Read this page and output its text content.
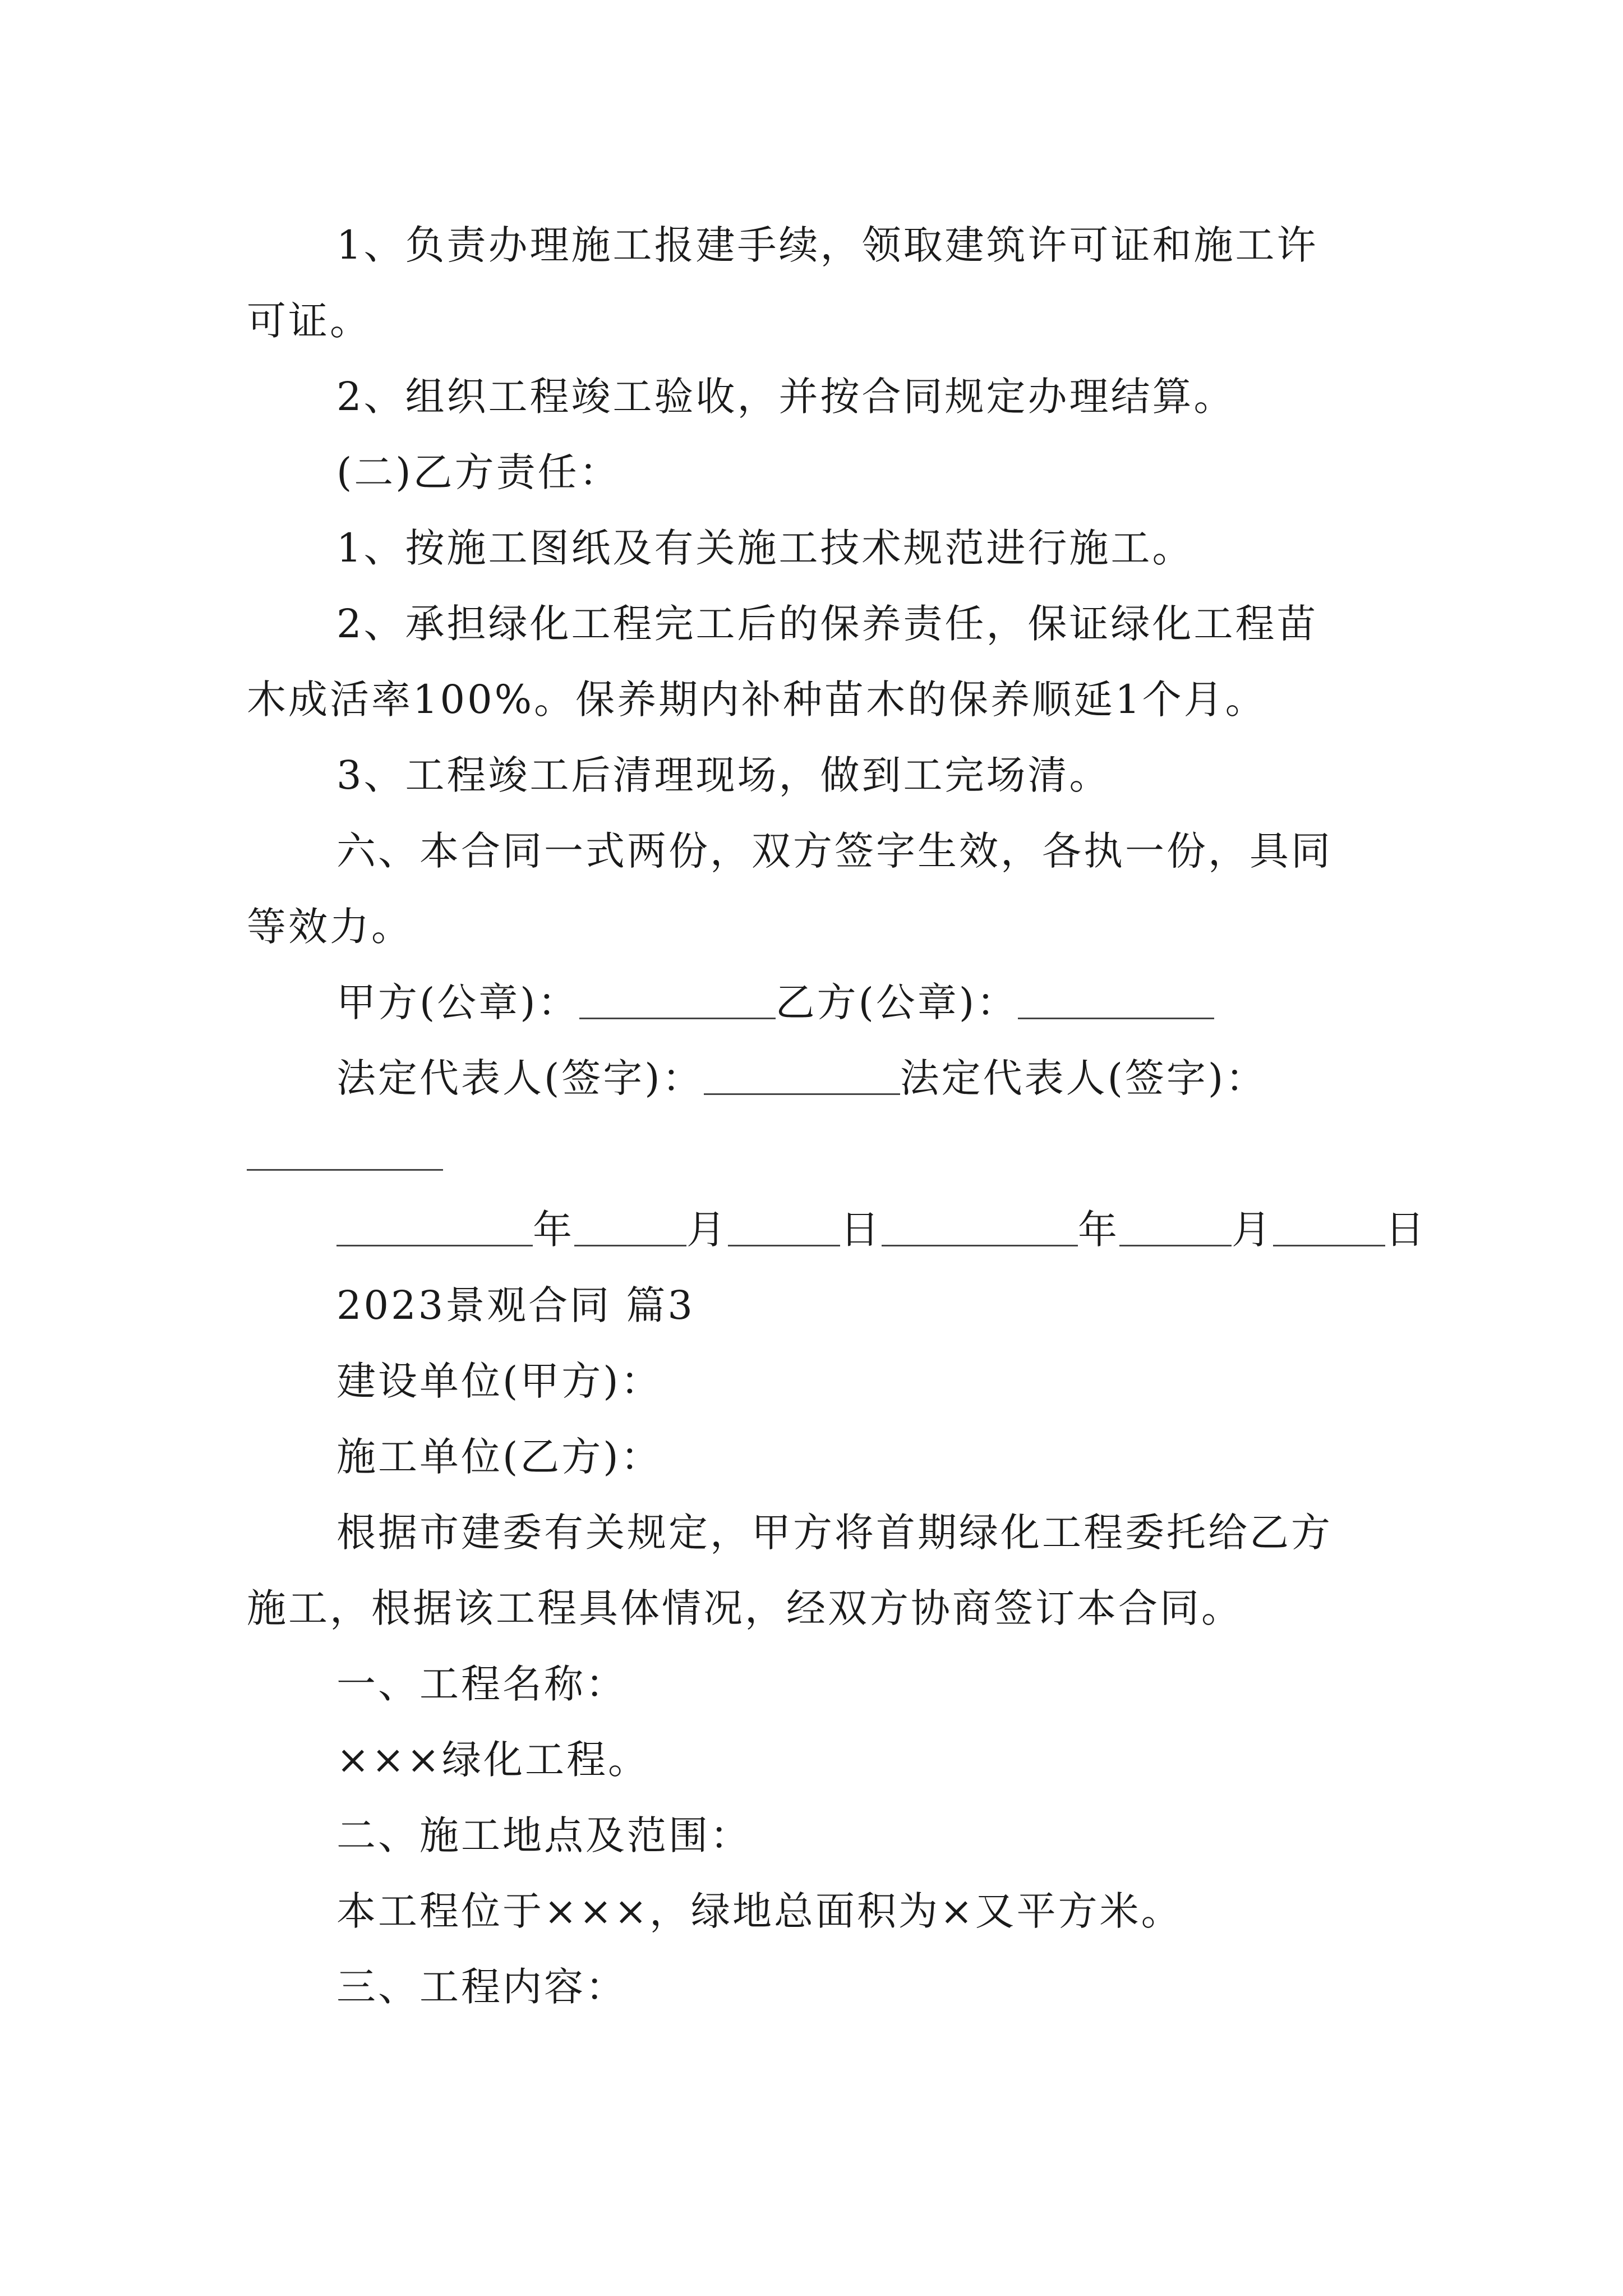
1、负责办理施工报建手续，领取建筑许可证和施工许

可证。

2、组织工程竣工验收，并按合同规定办理结算。

(二)乙方责任：

1、按施工图纸及有关施工技术规范进行施工。

2、承担绿化工程完工后的保养责任，保证绿化工程苗

木成活率100%。保养期内补种苗木的保养顺延1个月。

3、工程竣工后清理现场，做到工完场清。

六、本合同一式两份，双方签字生效，各执一份，具同

等效力。

甲方(公章)：	乙方(公章)：
法定代表人(签字)：	法定代表人(签字)：
年	月	日	年	月	日

2023景观合同 篇3

建设单位(甲方)：

施工单位(乙方)：

根据市建委有关规定，甲方将首期绿化工程委托给乙方

施工，根据该工程具体情况，经双方协商签订本合同。

一、工程名称：

×××绿化工程。

二、施工地点及范围：

本工程位于×××，绿地总面积为×又平方米。

三、工程内容：
